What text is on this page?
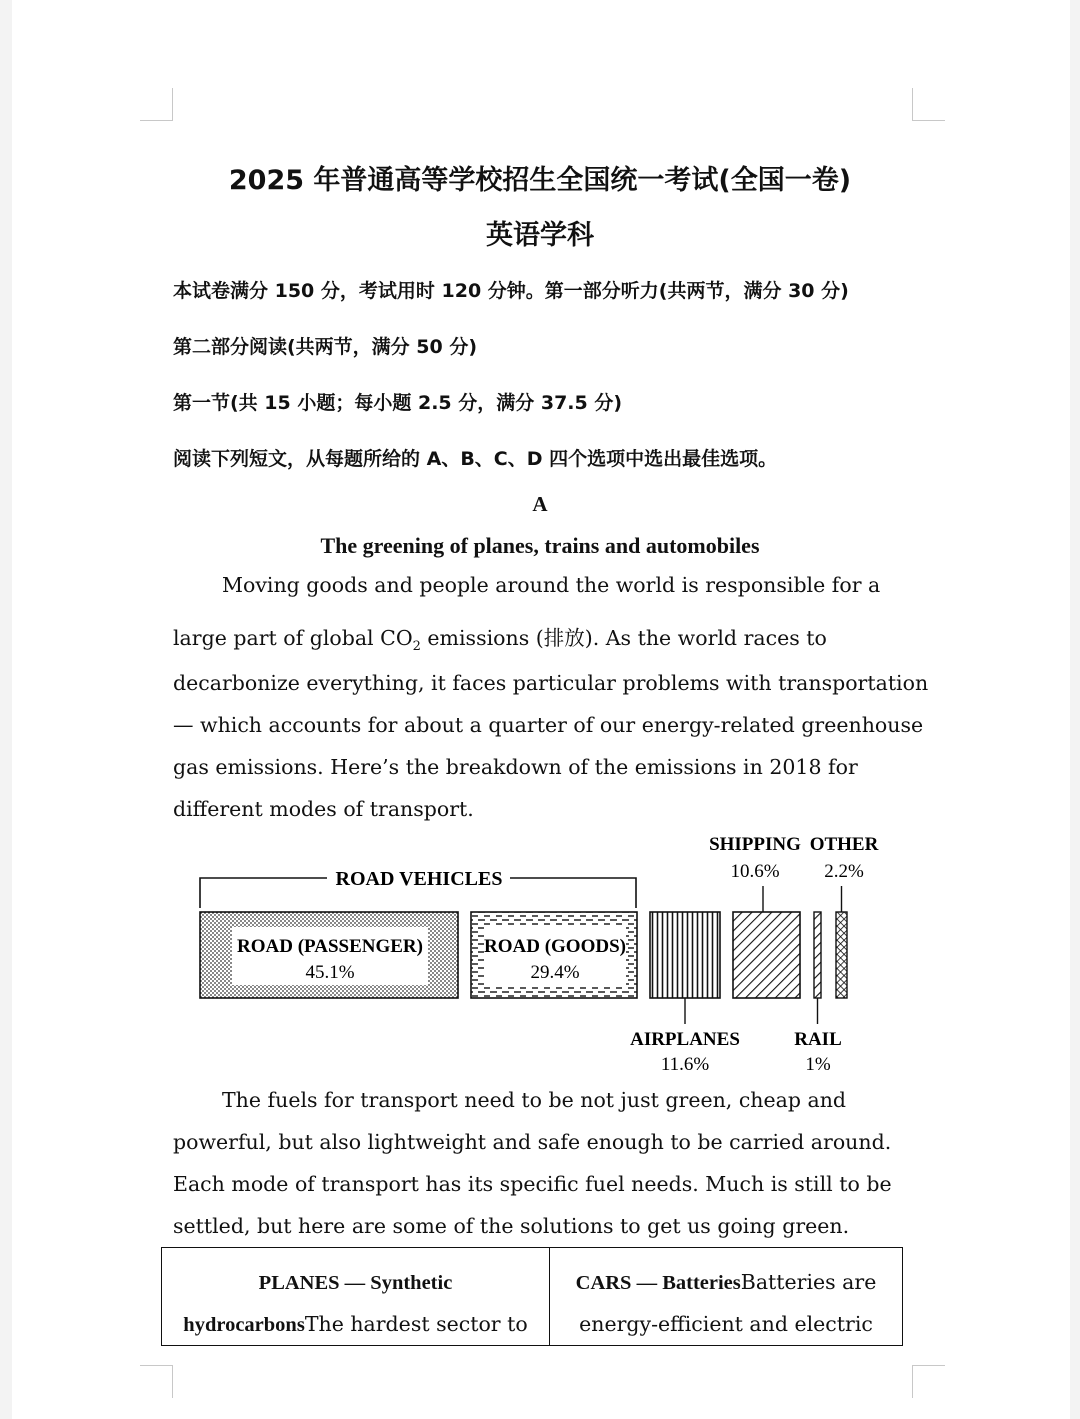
2025 年普通高等学校招生全国统一考试(全国一卷)
英语学科
本试卷满分 150 分，考试用时 120 分钟。第一部分听力(共两节，满分 30 分)
第二部分阅读(共两节，满分 50 分)
第一节(共 15 小题；每小题 2.5 分，满分 37.5 分)
阅读下列短文，从每题所给的 A、B、C、D 四个选项中选出最佳选项。
A
The greening of planes, trains and automobiles
Moving goods and people around the world is responsible for a
large part of global $CO_2$ emissions (排放). As the world races to
decarbonize everything, it faces particular problems with transportation
— which accounts for about a quarter of our energy-related greenhouse
gas emissions. Here’s the breakdown of the emissions in 2018 for
different modes of transport.
ROAD VEHICLES
ROAD (PASSENGER)
45.1%
ROAD (GOODS)
29.4%
AIRPLANES
11.6%
SHIPPING
10.6%
RAIL
1%
OTHER
2.2%
The fuels for transport need to be not just green, cheap and
powerful, but also lightweight and safe enough to be carried around.
Each mode of transport has its specific fuel needs. Much is still to be
settled, but here are some of the solutions to get us going green.
PLANES — Synthetic
hydrocarbonsThe hardest sector to
CARS — BatteriesBatteries are
energy-efficient and electric
